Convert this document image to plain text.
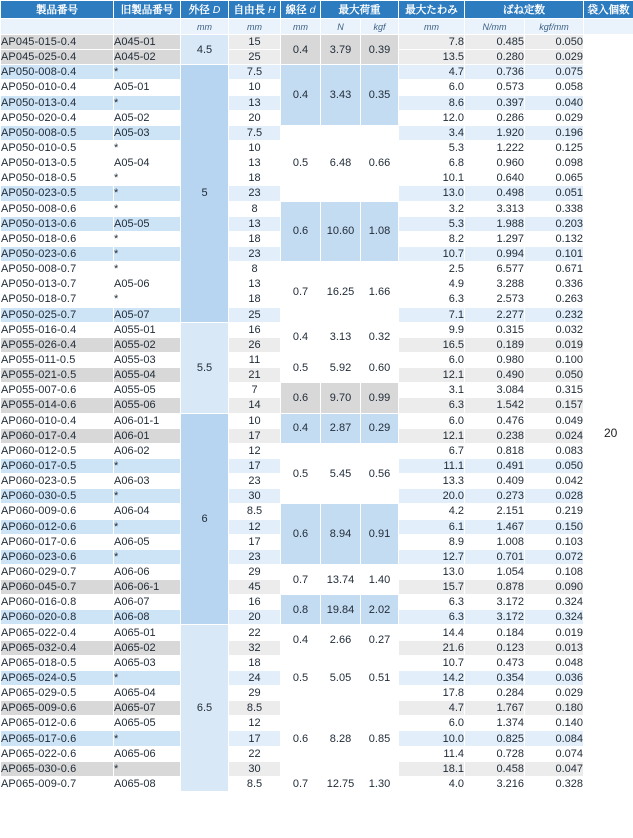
製品番号	旧製品番号	外径 D	自由長 H	線径 d	最大荷重		最大たわみ	ばね定数		袋入個数
		mm	mm	mm	N	kgf	mm	N/mm	kgf/mm	
AP045-015-0.4	A045-01	4.5	15	0.4	3.79	0.39	7.8	0.485	0.050	
AP045-025-0.4	A045-02		25				13.5	0.280	0.029	
AP050-008-0.4	*	5	7.5	0.4	3.43	0.35	4.7	0.736	0.075	
AP050-010-0.4	A05-01		10				6.0	0.573	0.058	
AP050-013-0.4	*		13				8.6	0.397	0.040	
AP050-020-0.4	A05-02		20				12.0	0.286	0.029	
AP050-008-0.5	A05-03		7.5	0.5	6.48	0.66	3.4	1.920	0.196	
AP050-010-0.5	*		10				5.3	1.222	0.125	
AP050-013-0.5	A05-04		13				6.8	0.960	0.098	
AP050-018-0.5	*		18				10.1	0.640	0.065	
AP050-023-0.5	*		23				13.0	0.498	0.051	
AP050-008-0.6	*		8	0.6	10.60	1.08	3.2	3.313	0.338	
AP050-013-0.6	A05-05		13				5.3	1.988	0.203	
AP050-018-0.6	*		18				8.2	1.297	0.132	
AP050-023-0.6	*		23				10.7	0.994	0.101	
AP050-008-0.7	*		8	0.7	16.25	1.66	2.5	6.577	0.671	
AP050-013-0.7	A05-06		13				4.9	3.288	0.336	
AP050-018-0.7	*		18				6.3	2.573	0.263	
AP050-025-0.7	A05-07		25				7.1	2.277	0.232	
AP055-016-0.4	A055-01	5.5	16	0.4	3.13	0.32	9.9	0.315	0.032	
AP055-026-0.4	A055-02		26				16.5	0.189	0.019	
AP055-011-0.5	A055-03		11	0.5	5.92	0.60	6.0	0.980	0.100	
AP055-021-0.5	A055-04		21				12.1	0.490	0.050	
AP055-007-0.6	A055-05		7	0.6	9.70	0.99	3.1	3.084	0.315	
AP055-014-0.6	A055-06		14				6.3	1.542	0.157	
AP060-010-0.4	A06-01-1	6	10	0.4	2.87	0.29	6.0	0.476	0.049	
AP060-017-0.4	A06-01		17				12.1	0.238	0.024	
AP060-012-0.5	A06-02		12	0.5	5.45	0.56	6.7	0.818	0.083	
AP060-017-0.5	*		17				11.1	0.491	0.050	
AP060-023-0.5	A06-03		23				13.3	0.409	0.042	
AP060-030-0.5	*		30				20.0	0.273	0.028	
AP060-009-0.6	A06-04		8.5	0.6	8.94	0.91	4.2	2.151	0.219	
AP060-012-0.6	*		12				6.1	1.467	0.150	
AP060-017-0.6	A06-05		17				8.9	1.008	0.103	
AP060-023-0.6	*		23				12.7	0.701	0.072	
AP060-029-0.7	A06-06		29	0.7	13.74	1.40	13.0	1.054	0.108	
AP060-045-0.7	A06-06-1		45				15.7	0.878	0.090	
AP060-016-0.8	A06-07		16	0.8	19.84	2.02	6.3	3.172	0.324	
AP060-020-0.8	A06-08		20				6.3	3.172	0.324	
AP065-022-0.4	A065-01	6.5	22	0.4	2.66	0.27	14.4	0.184	0.019	
AP065-032-0.4	A065-02		32				21.6	0.123	0.013	
AP065-018-0.5	A065-03		18	0.5	5.05	0.51	10.7	0.473	0.048	
AP065-024-0.5	*		24				14.2	0.354	0.036	
AP065-029-0.5	A065-04		29				17.8	0.284	0.029	
AP065-009-0.6	A065-07		8.5	0.6	8.28	0.85	4.7	1.767	0.180	
AP065-012-0.6	A065-05		12				6.0	1.374	0.140	
AP065-017-0.6	*		17				10.0	0.825	0.084	
AP065-022-0.6	A065-06		22				11.4	0.728	0.074	
AP065-030-0.6	*		30				18.1	0.458	0.047	
AP065-009-0.7	A065-08		8.5	0.7	12.75	1.30	4.0	3.216	0.328	
20
